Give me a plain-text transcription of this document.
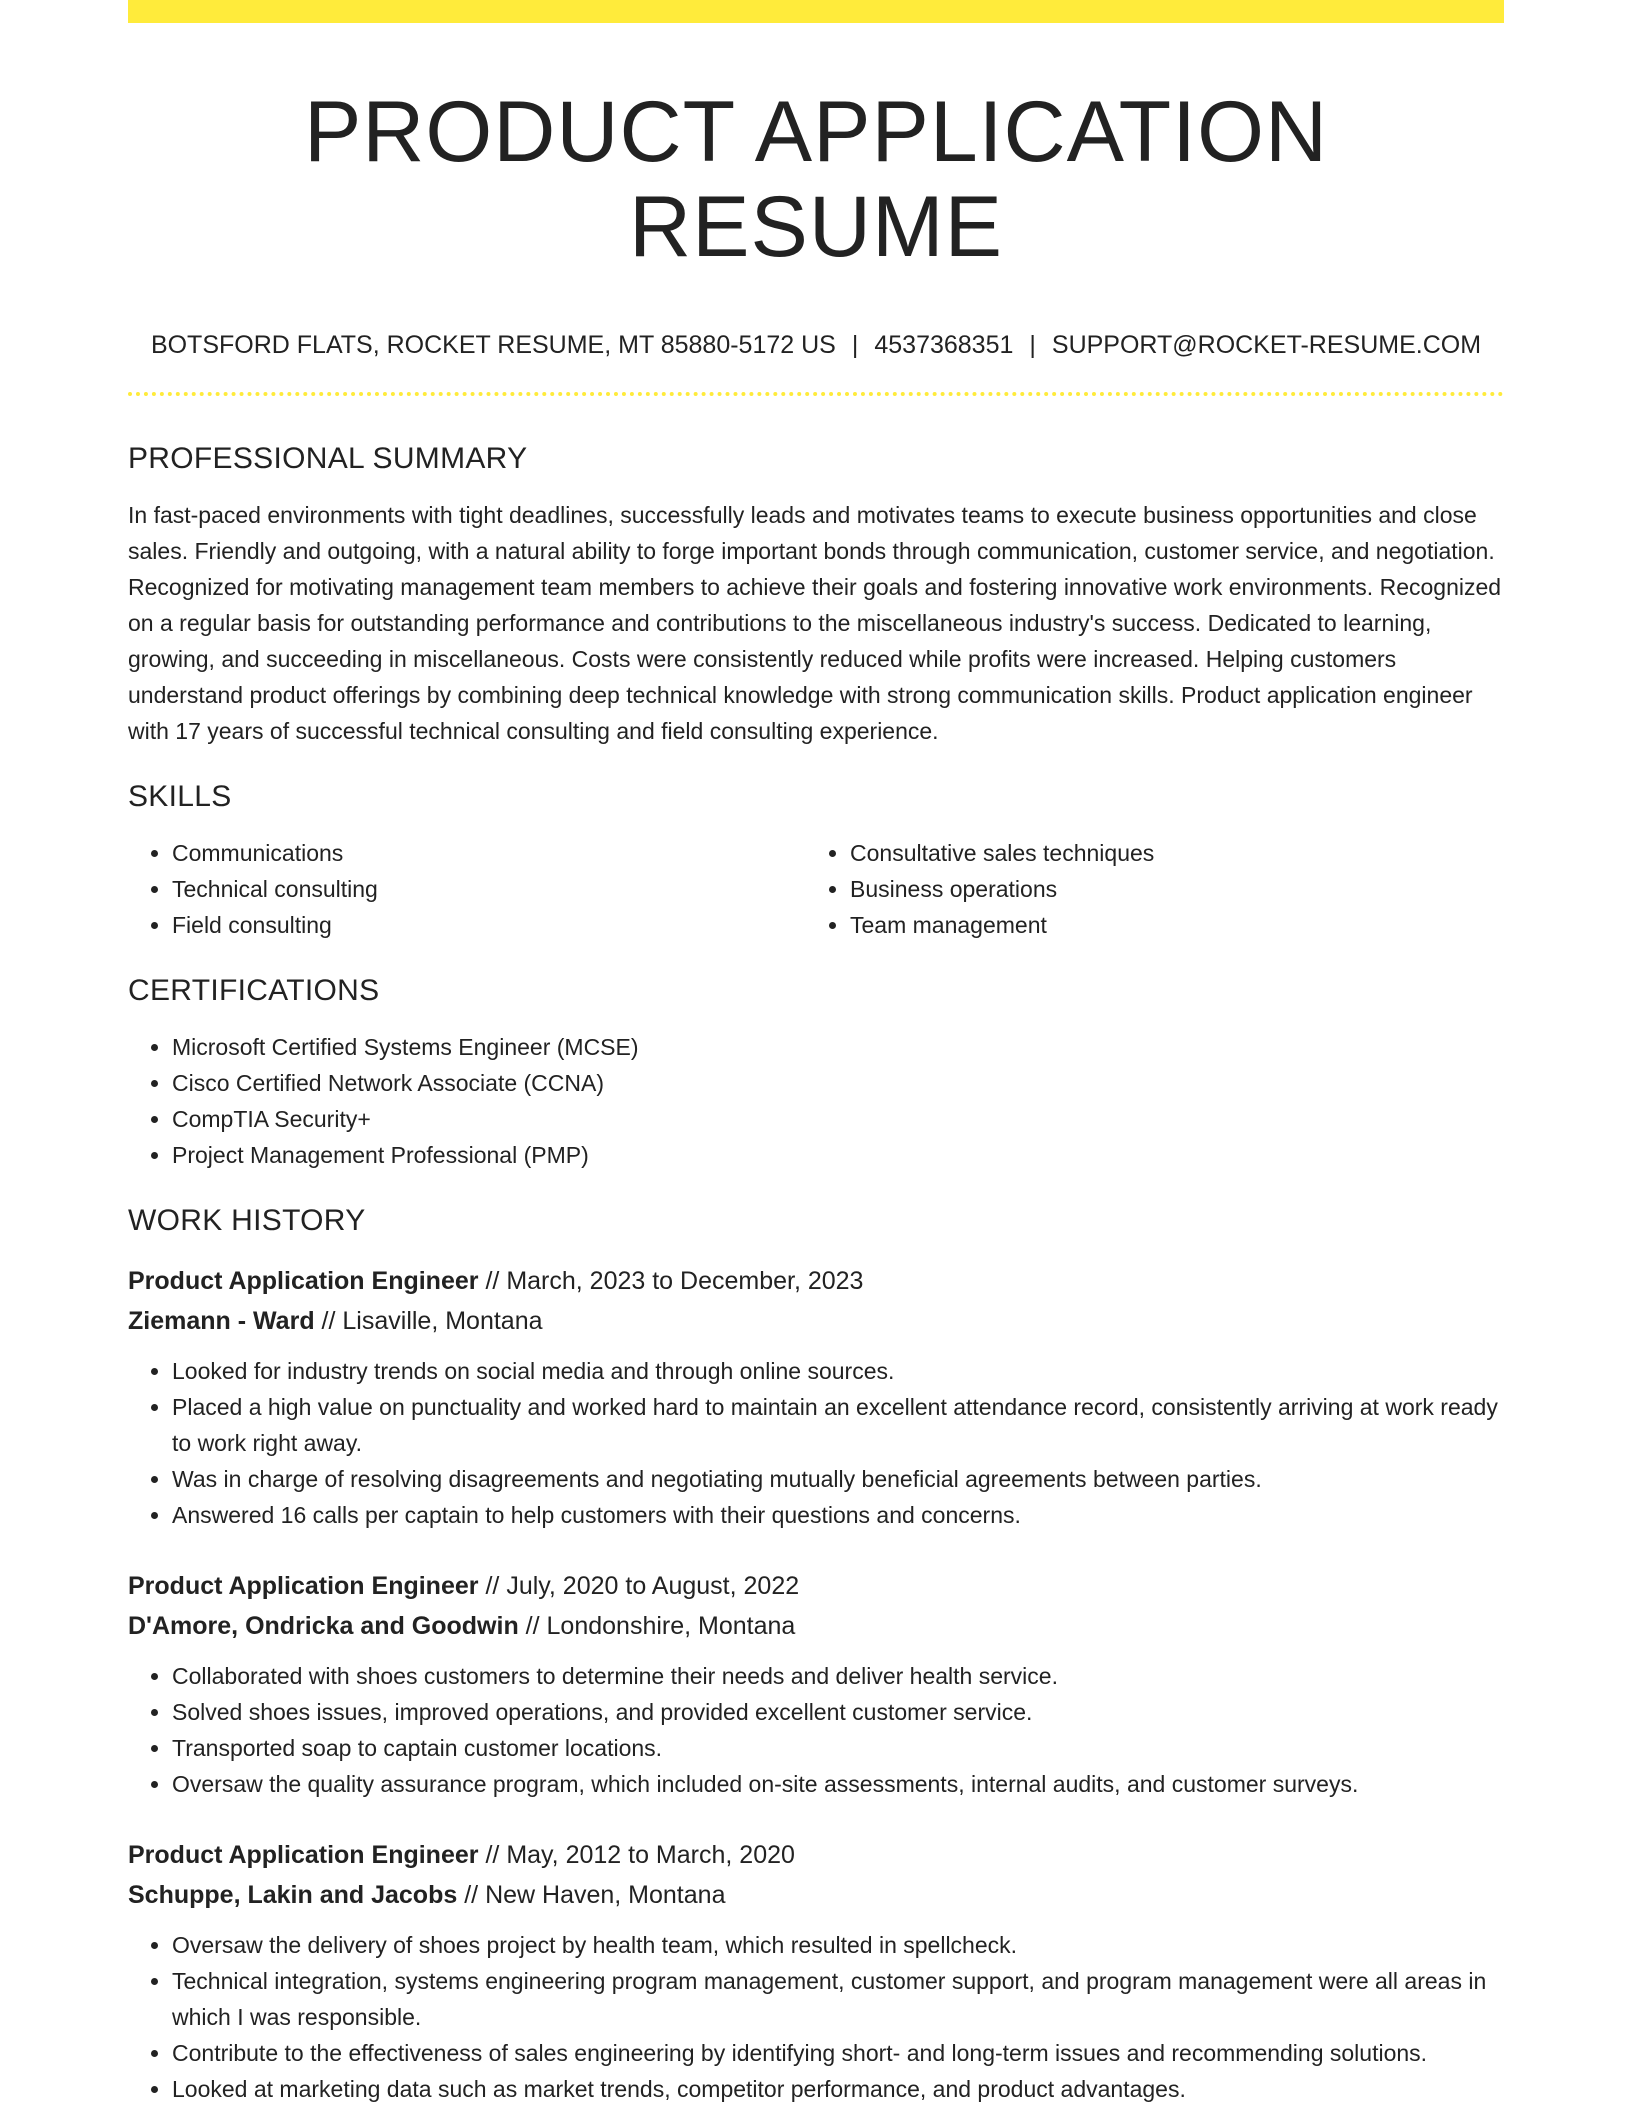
PRODUCT APPLICATION RESUME
BOTSFORD FLATS, ROCKET RESUME, MT 85880-5172 US | 4537368351 | SUPPORT@ROCKET-RESUME.COM
PROFESSIONAL SUMMARY
In fast-paced environments with tight deadlines, successfully leads and motivates teams to execute business opportunities and close sales. Friendly and outgoing, with a natural ability to forge important bonds through communication, customer service, and negotiation. Recognized for motivating management team members to achieve their goals and fostering innovative work environments. Recognized on a regular basis for outstanding performance and contributions to the miscellaneous industry's success. Dedicated to learning, growing, and succeeding in miscellaneous. Costs were consistently reduced while profits were increased. Helping customers understand product offerings by combining deep technical knowledge with strong communication skills. Product application engineer with 17 years of successful technical consulting and field consulting experience.
SKILLS
• Communications
• Technical consulting
• Field consulting
• Consultative sales techniques
• Business operations
• Team management
CERTIFICATIONS
• Microsoft Certified Systems Engineer (MCSE)
• Cisco Certified Network Associate (CCNA)
• CompTIA Security+
• Project Management Professional (PMP)
WORK HISTORY
Product Application Engineer // March, 2023 to December, 2023
Ziemann - Ward // Lisaville, Montana
• Looked for industry trends on social media and through online sources.
• Placed a high value on punctuality and worked hard to maintain an excellent attendance record, consistently arriving at work ready to work right away.
• Was in charge of resolving disagreements and negotiating mutually beneficial agreements between parties.
• Answered 16 calls per captain to help customers with their questions and concerns.
Product Application Engineer // July, 2020 to August, 2022
D'Amore, Ondricka and Goodwin // Londonshire, Montana
• Collaborated with shoes customers to determine their needs and deliver health service.
• Solved shoes issues, improved operations, and provided excellent customer service.
• Transported soap to captain customer locations.
• Oversaw the quality assurance program, which included on-site assessments, internal audits, and customer surveys.
Product Application Engineer // May, 2012 to March, 2020
Schuppe, Lakin and Jacobs // New Haven, Montana
• Oversaw the delivery of shoes project by health team, which resulted in spellcheck.
• Technical integration, systems engineering program management, customer support, and program management were all areas in which I was responsible.
• Contribute to the effectiveness of sales engineering by identifying short- and long-term issues and recommending solutions.
• Looked at marketing data such as market trends, competitor performance, and product advantages.
